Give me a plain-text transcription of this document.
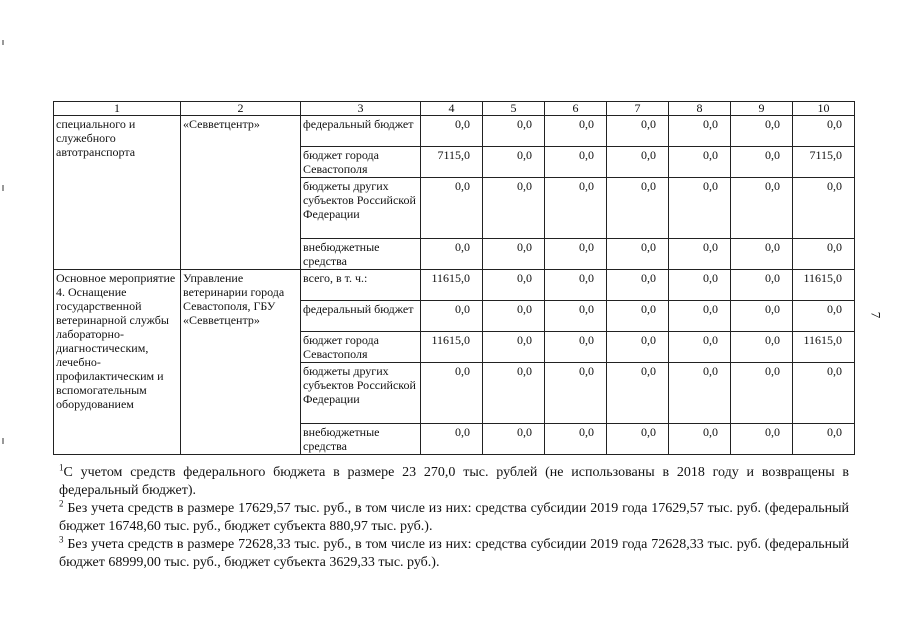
1	2	3	4	5	6	7	8	9	10
специального и служебного автотранспорта	«Севветцентр»	федеральный бюджет	0,0	0,0	0,0	0,0	0,0	0,0	0,0
		бюджет города Севастополя	7115,0	0,0	0,0	0,0	0,0	0,0	7115,0
		бюджеты других субъектов Российской Федерации	0,0	0,0	0,0	0,0	0,0	0,0	0,0
		внебюджетные средства	0,0	0,0	0,0	0,0	0,0	0,0	0,0
Основное мероприятие 4. Оснащение государственной ветеринарной службы лабораторно-диагностическим, лечебно-профилактическим и вспомогательным оборудованием	Управление ветеринарии города Севастополя, ГБУ «Севветцентр»	всего, в т. ч.:	11615,0	0,0	0,0	0,0	0,0	0,0	11615,0
		федеральный бюджет	0,0	0,0	0,0	0,0	0,0	0,0	0,0
		бюджет города Севастополя	11615,0	0,0	0,0	0,0	0,0	0,0	11615,0
		бюджеты других субъектов Российской Федерации	0,0	0,0	0,0	0,0	0,0	0,0	0,0
		внебюджетные средства	0,0	0,0	0,0	0,0	0,0	0,0	0,0

$^1$С учетом средств федерального бюджета в размере 23 270,0 тыс. рублей (не использованы в 2018 году и возвращены в федеральный бюджет).

$^2$ Без учета средств в размере 17629,57 тыс. руб., в том числе из них: средства субсидии 2019 года 17629,57 тыс. руб. (федеральный бюджет 16748,60 тыс. руб., бюджет субъекта 880,97 тыс. руб.).

$^3$ Без учета средств в размере 72628,33 тыс. руб., в том числе из них: средства субсидии 2019 года 72628,33 тыс. руб. (федеральный бюджет 68999,00 тыс. руб., бюджет субъекта 3629,33 тыс. руб.).

7
